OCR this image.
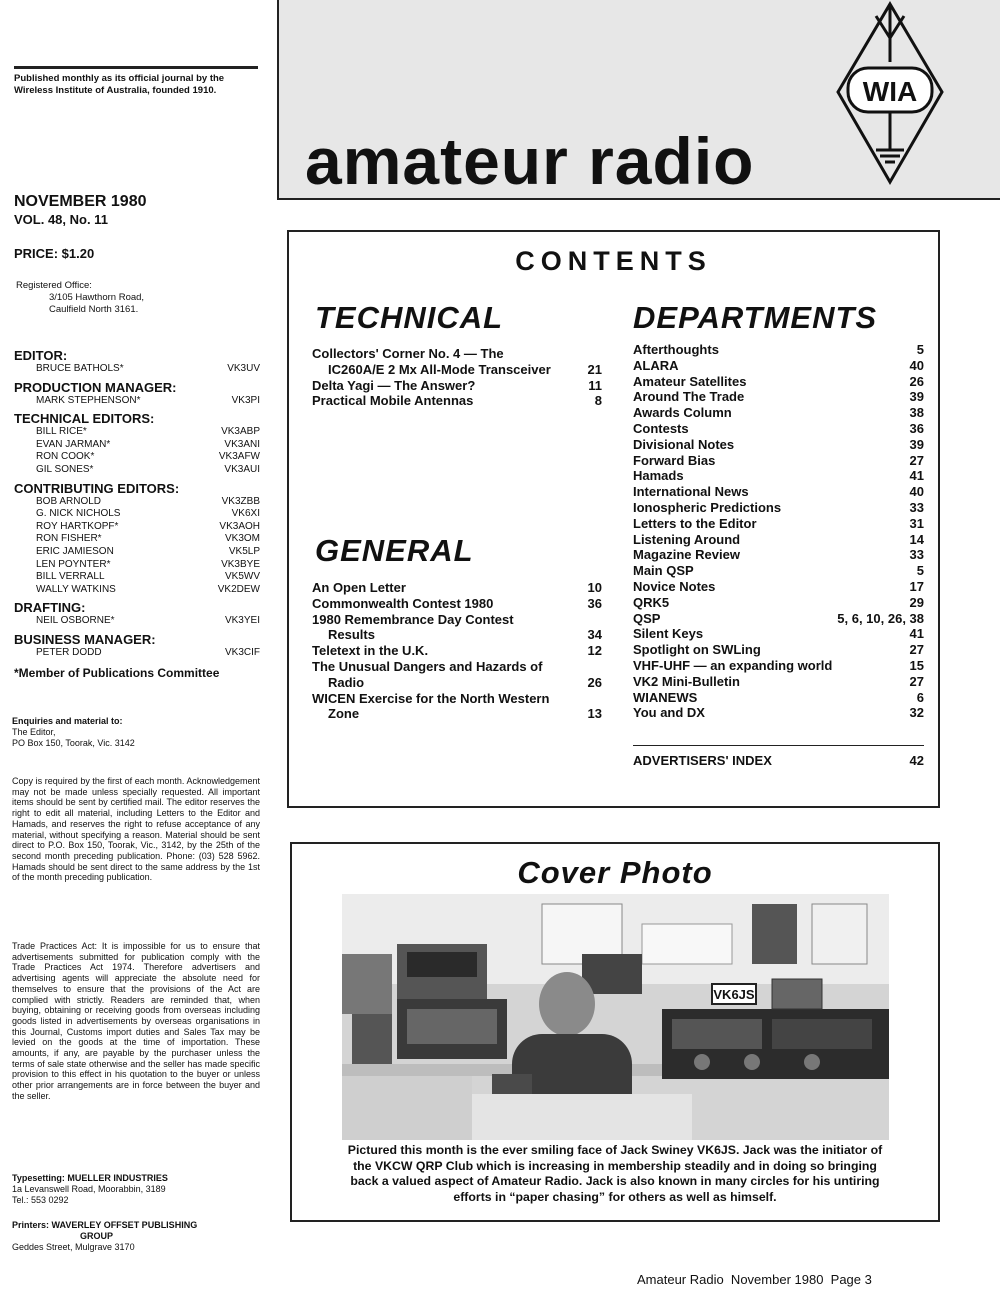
amateur radio
WIA
Published monthly as its official journal by the Wireless Institute of Australia, founded 1910.
NOVEMBER 1980
VOL. 48, No. 11
PRICE: $1.20
Registered Office:
3/105 Hawthorn Road,
Caulfield North 3161.
EDITOR:
BRUCE BATHOLS*	VK3UV
PRODUCTION MANAGER:
MARK STEPHENSON*	VK3PI
TECHNICAL EDITORS:
BILL RICE*	VK3ABP
EVAN JARMAN*	VK3ANI
RON COOK*	VK3AFW
GIL SONES*	VK3AUI
CONTRIBUTING EDITORS:
BOB ARNOLD	VK3ZBB
G. NICK NICHOLS	VK6XI
ROY HARTKOPF*	VK3AOH
RON FISHER*	VK3OM
ERIC JAMIESON	VK5LP
LEN POYNTER*	VK3BYE
BILL VERRALL	VK5WV
WALLY WATKINS	VK2DEW
DRAFTING:
NEIL OSBORNE*	VK3YEI
BUSINESS MANAGER:
PETER DODD	VK3CIF
*Member of Publications Committee
Enquiries and material to:
The Editor,
PO Box 150, Toorak, Vic. 3142
Copy is required by the first of each month. Acknowledgement may not be made unless specially requested. All important items should be sent by certified mail. The editor reserves the right to edit all material, including Letters to the Editor and Hamads, and reserves the right to refuse acceptance of any material, without specifying a reason. Material should be sent direct to P.O. Box 150, Toorak, Vic., 3142, by the 25th of the second month preceding publication. Phone: (03) 528 5962. Hamads should be sent direct to the same address by the 1st of the month preceding publication.
Trade Practices Act: It is impossible for us to ensure that advertisements submitted for publication comply with the Trade Practices Act 1974. Therefore advertisers and advertising agents will appreciate the absolute need for themselves to ensure that the provisions of the Act are complied with strictly. Readers are reminded that, when buying, obtaining or receiving goods from overseas including goods listed in advertisements by overseas organisations in this Journal, Customs import duties and Sales Tax may be levied on the goods at the time of importation. These amounts, if any, are payable by the purchaser unless the terms of sale state otherwise and the seller has made specific provision to this effect in his quotation to the buyer or unless other prior arrangements are in force between the buyer and the seller.
Typesetting: MUELLER INDUSTRIES
1a Levanswell Road, Moorabbin, 3189
Tel.: 553 0292
Printers: WAVERLEY OFFSET PUBLISHING
GROUP
Geddes Street, Mulgrave 3170
CONTENTS
TECHNICAL
GENERAL
DEPARTMENTS
Collectors' Corner No. 4 — The
IC260A/E 2 Mx All-Mode Transceiver	21
Delta Yagi — The Answer?	11
Practical Mobile Antennas	8
An Open Letter	10
Commonwealth Contest 1980	36
1980 Remembrance Day Contest
Results	34
Teletext in the U.K.	12
The Unusual Dangers and Hazards of
Radio	26
WICEN Exercise for the North Western
Zone	13
Afterthoughts	5
ALARA	40
Amateur Satellites	26
Around The Trade	39
Awards Column	38
Contests	36
Divisional Notes	39
Forward Bias	27
Hamads	41
International News	40
Ionospheric Predictions	33
Letters to the Editor	31
Listening Around	14
Magazine Review	33
Main QSP	5
Novice Notes	17
QRK5	29
QSP	5, 6, 10, 26, 38
Silent Keys	41
Spotlight on SWLing	27
VHF-UHF — an expanding world	15
VK2 Mini-Bulletin	27
WIANEWS	6
You and DX	32
ADVERTISERS' INDEX	42
Cover Photo
VK6JS
Pictured this month is the ever smiling face of Jack Swiney VK6JS. Jack was the initiator of the VKCW QRP Club which is increasing in membership steadily and in doing so bringing back a valued aspect of Amateur Radio. Jack is also known in many circles for his untiring efforts in “paper chasing” for others as well as himself.
Amateur Radio  November 1980  Page 3
